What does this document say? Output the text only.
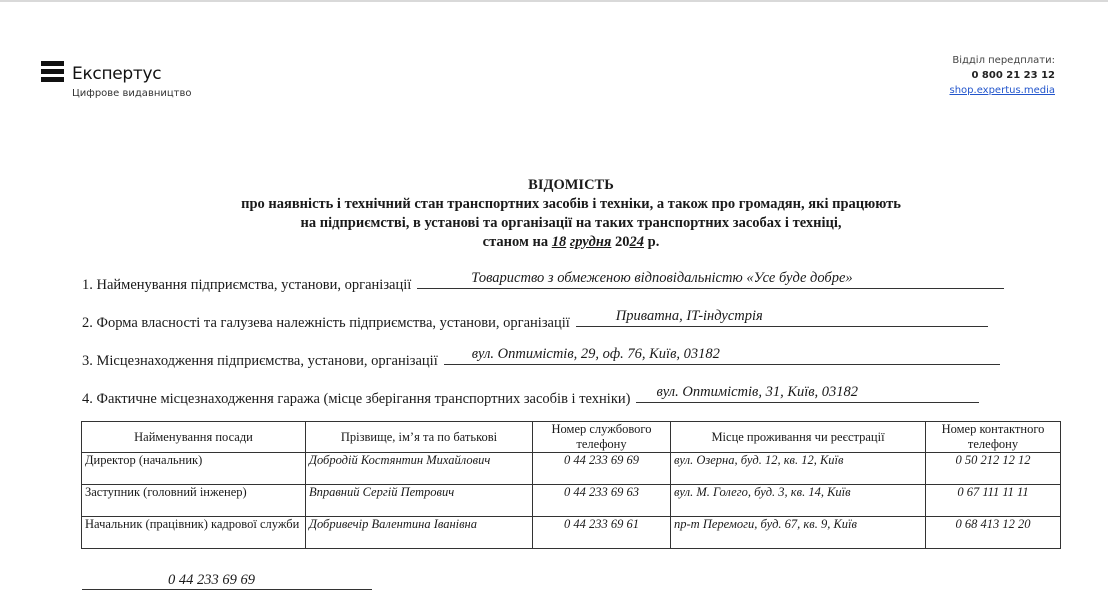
Експертус
Цифрове видавництво
Відділ передплати:
0 800 21 23 12
shop.expertus.media
ВІДОМІСТЬ
про наявність і технічний стан транспортних засобів і техніки, а також про громадян, які працюють
на підприємстві, в установі та організації на таких транспортних засобах і техніці,
станом на 18 грудня 2024 р.
1. Найменування підприємства, установи, організації	Товариство з обмеженою відповідальністю «Усе буде добре»
2. Форма власності та галузева належність підприємства, установи, організації	Приватна, IT-індустрія
3. Місцезнаходження підприємства, установи, організації вул. Оптимістів, 29, оф. 76, Київ, 03182
4. Фактичне місцезнаходження гаража (місце зберігання транспортних засобів і техніки) вул. Оптимістів, 31, Київ, 03182
Найменування посади	Прізвище, ім’я та по батькові	Номер службового телефону	Місце проживання чи реєстрації	Номер контактного телефону
Директор (начальник)	Добродій Костянтин Михайлович	0 44 233 69 69	вул. Озерна, буд. 12, кв. 12, Київ	0 50 212 12 12
Заступник (головний інженер)	Вправний Сергій Петрович	0 44 233 69 63	вул. М. Голего, буд. 3, кв. 14, Київ	0 67 111 11 11
Начальник (працівник) кадрової служби	Добривечір Валентина Іванівна	0 44 233 69 61	пр-т Перемоги, буд. 67, кв. 9, Київ	0 68 413 12 20
0 44 233 69 69
